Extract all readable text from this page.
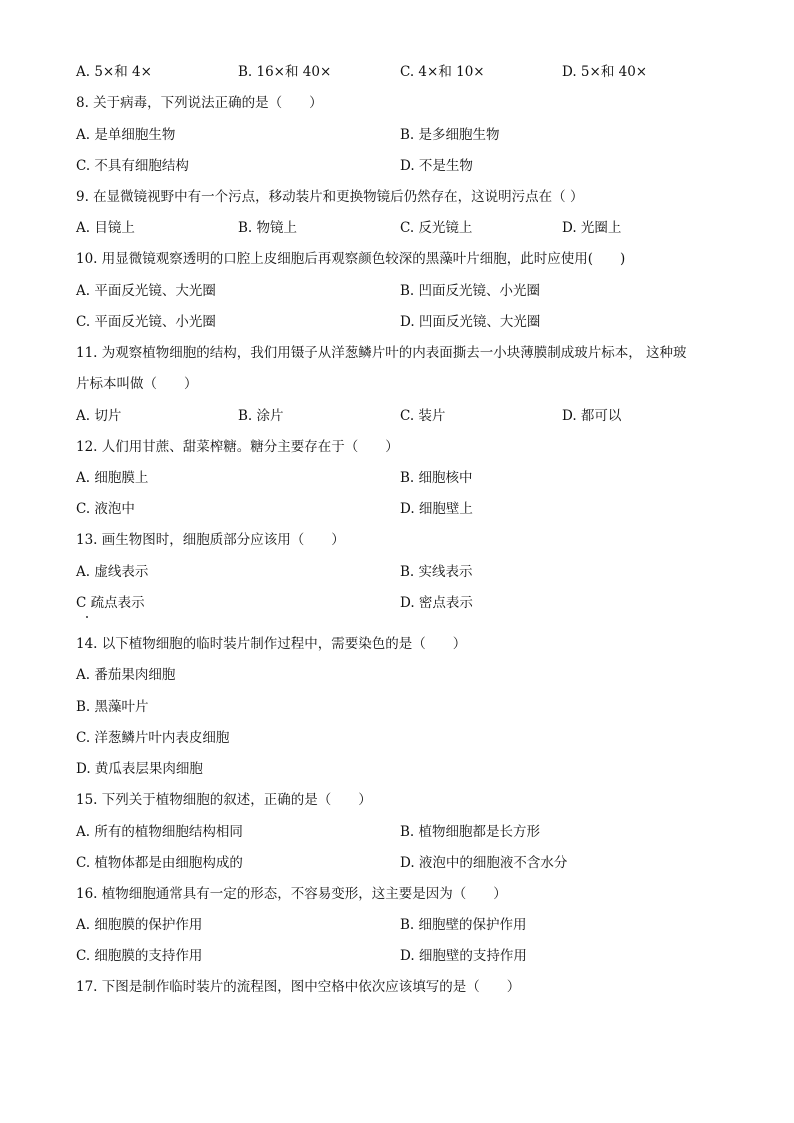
A. 5×和 4×	B. 16×和 40×	C. 4×和 10×	D. 5×和 40×
8. 关于病毒，下列说法正确的是（　　）
A. 是单细胞生物	B. 是多细胞生物
C. 不具有细胞结构	D. 不是生物
9. 在显微镜视野中有一个污点，移动装片和更换物镜后仍然存在，这说明污点在（ ）
A. 目镜上	B. 物镜上	C. 反光镜上	D. 光圈上
10. 用显微镜观察透明的口腔上皮细胞后再观察颜色较深的黑藻叶片细胞，此时应使用(　　)
A. 平面反光镜、大光圈	B. 凹面反光镜、小光圈
C. 平面反光镜、小光圈	D. 凹面反光镜、大光圈
11. 为观察植物细胞的结构，我们用镊子从洋葱鳞片叶的内表面撕去一小块薄膜制成玻片标本， 这种玻
片标本叫做（　　）
A. 切片	B. 涂片	C. 装片	D. 都可以
12. 人们用甘蔗、甜菜榨糖。糖分主要存在于（　　）
A. 细胞膜上	B. 细胞核中
C. 液泡中	D. 细胞壁上
13. 画生物图时，细胞质部分应该用（　　）
A. 虚线表示	B. 实线表示
C 疏点表示	D. 密点表示
14. 以下植物细胞的临时装片制作过程中，需要染色的是（　　）
A. 番茄果肉细胞
B. 黑藻叶片
C. 洋葱鳞片叶内表皮细胞
D. 黄瓜表层果肉细胞
15. 下列关于植物细胞的叙述，正确的是（　　）
A. 所有的植物细胞结构相同	B. 植物细胞都是长方形
C. 植物体都是由细胞构成的	D. 液泡中的细胞液不含水分
16. 植物细胞通常具有一定的形态，不容易变形，这主要是因为（　　）
A. 细胞膜的保护作用	B. 细胞壁的保护作用
C. 细胞膜的支持作用	D. 细胞壁的支持作用
17. 下图是制作临时装片的流程图，图中空格中依次应该填写的是（　　）
